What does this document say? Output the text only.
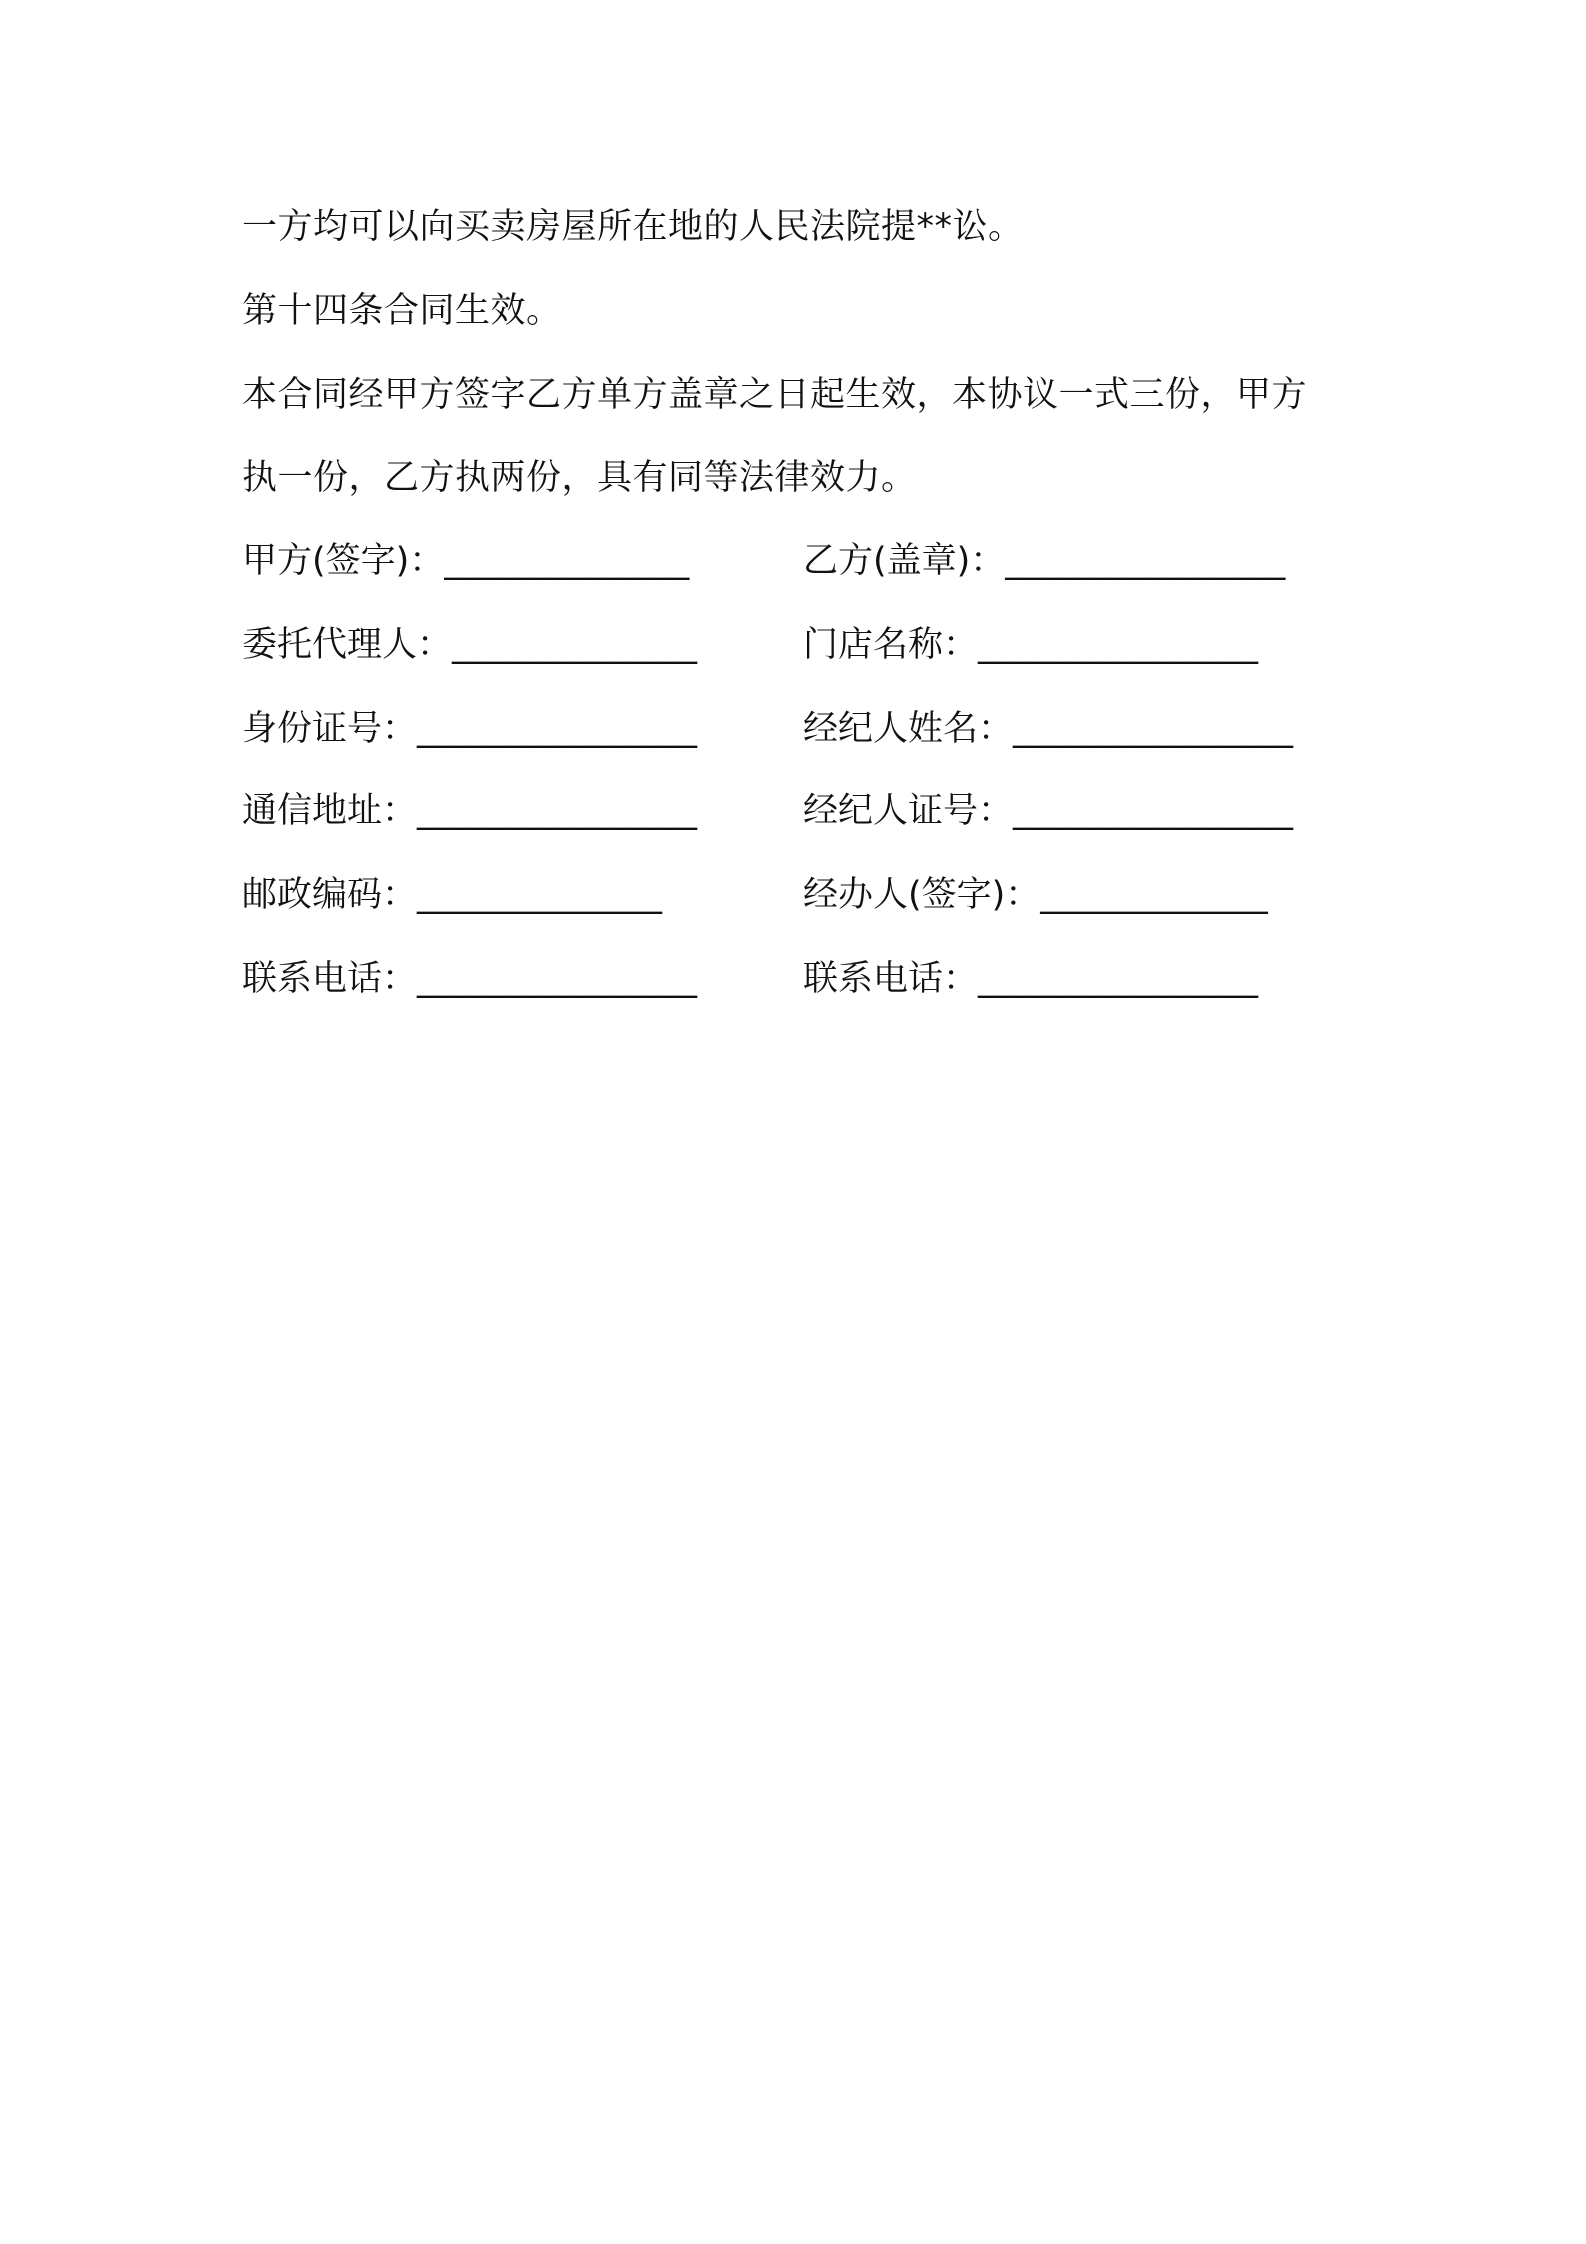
一方均可以向买卖房屋所在地的人民法院提**讼。
第十四条合同生效。
本合同经甲方签字乙方单方盖章之日起生效，本协议一式三份，甲方
执一份，乙方执两份，具有同等法律效力。
甲方(签字)：______________	乙方(盖章)：________________
委托代理人：______________	门店名称：________________
身份证号：________________	经纪人姓名：________________
通信地址：________________	经纪人证号：________________
邮政编码：______________	经办人(签字)：_____________
联系电话：________________	联系电话：________________
